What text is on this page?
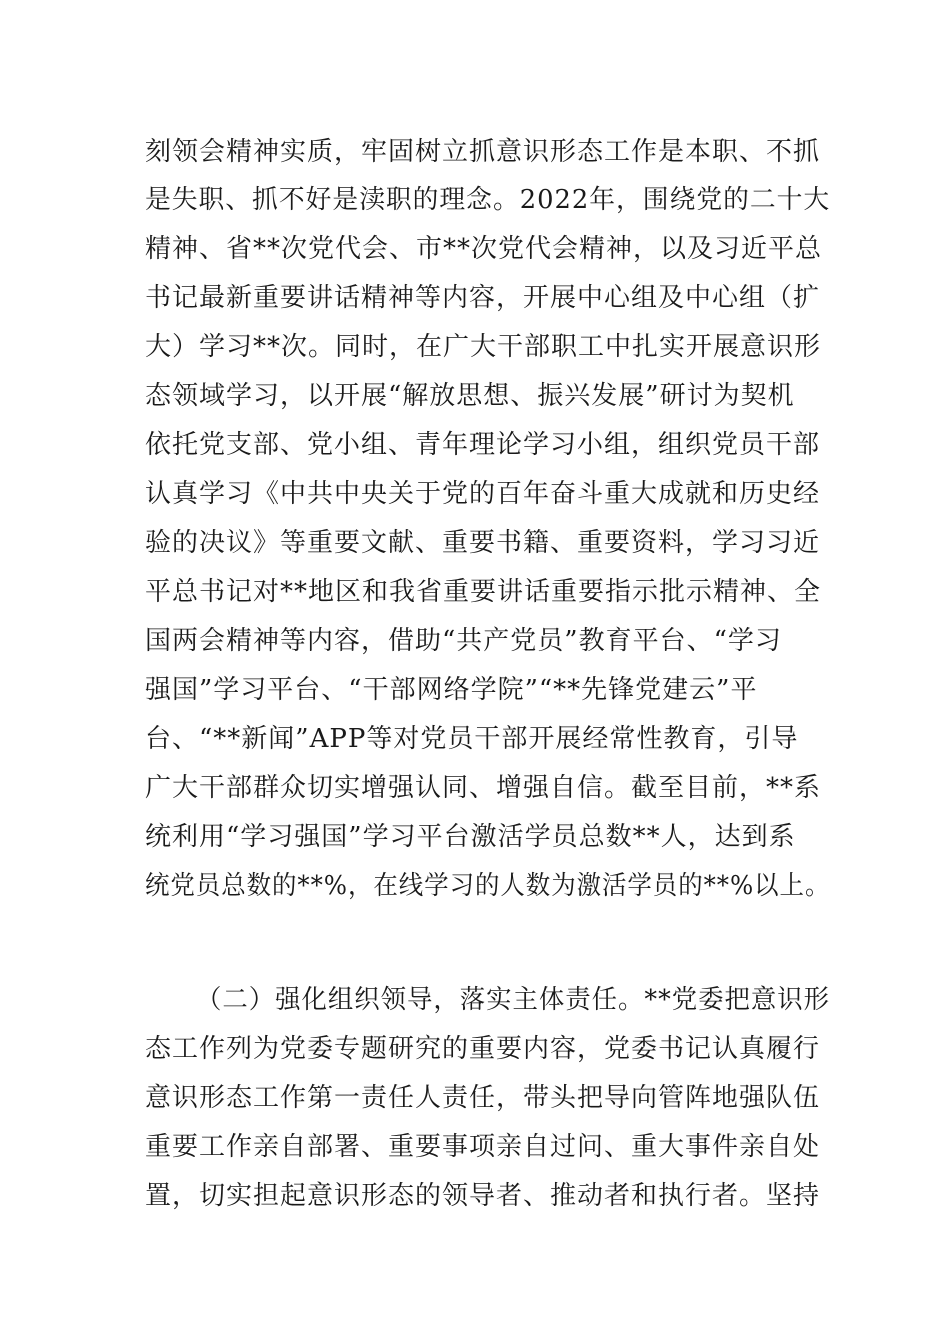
刻领会精神实质，牢固树立抓意识形态工作是本职、不抓
是失职、抓不好是渎职的理念。2022年，围绕党的二十大
精神、省**次党代会、市**次党代会精神，以及习近平总
书记最新重要讲话精神等内容，开展中心组及中心组（扩
大）学习**次。同时，在广大干部职工中扎实开展意识形
态领域学习，以开展“解放思想、振兴发展”研讨为契机
依托党支部、党小组、青年理论学习小组，组织党员干部
认真学习《中共中央关于党的百年奋斗重大成就和历史经
验的决议》等重要文献、重要书籍、重要资料，学习习近
平总书记对**地区和我省重要讲话重要指示批示精神、全
国两会精神等内容，借助“共产党员”教育平台、“学习
强国”学习平台、“干部网络学院”“**先锋党建云”平
台、“**新闻”APP等对党员干部开展经常性教育，引导
广大干部群众切实增强认同、增强自信。截至目前，**系
统利用“学习强国”学习平台激活学员总数**人，达到系
统党员总数的**%，在线学习的人数为激活学员的**%以上。
（二）强化组织领导，落实主体责任。**党委把意识形
态工作列为党委专题研究的重要内容，党委书记认真履行
意识形态工作第一责任人责任，带头把导向管阵地强队伍
重要工作亲自部署、重要事项亲自过问、重大事件亲自处
置，切实担起意识形态的领导者、推动者和执行者。坚持
